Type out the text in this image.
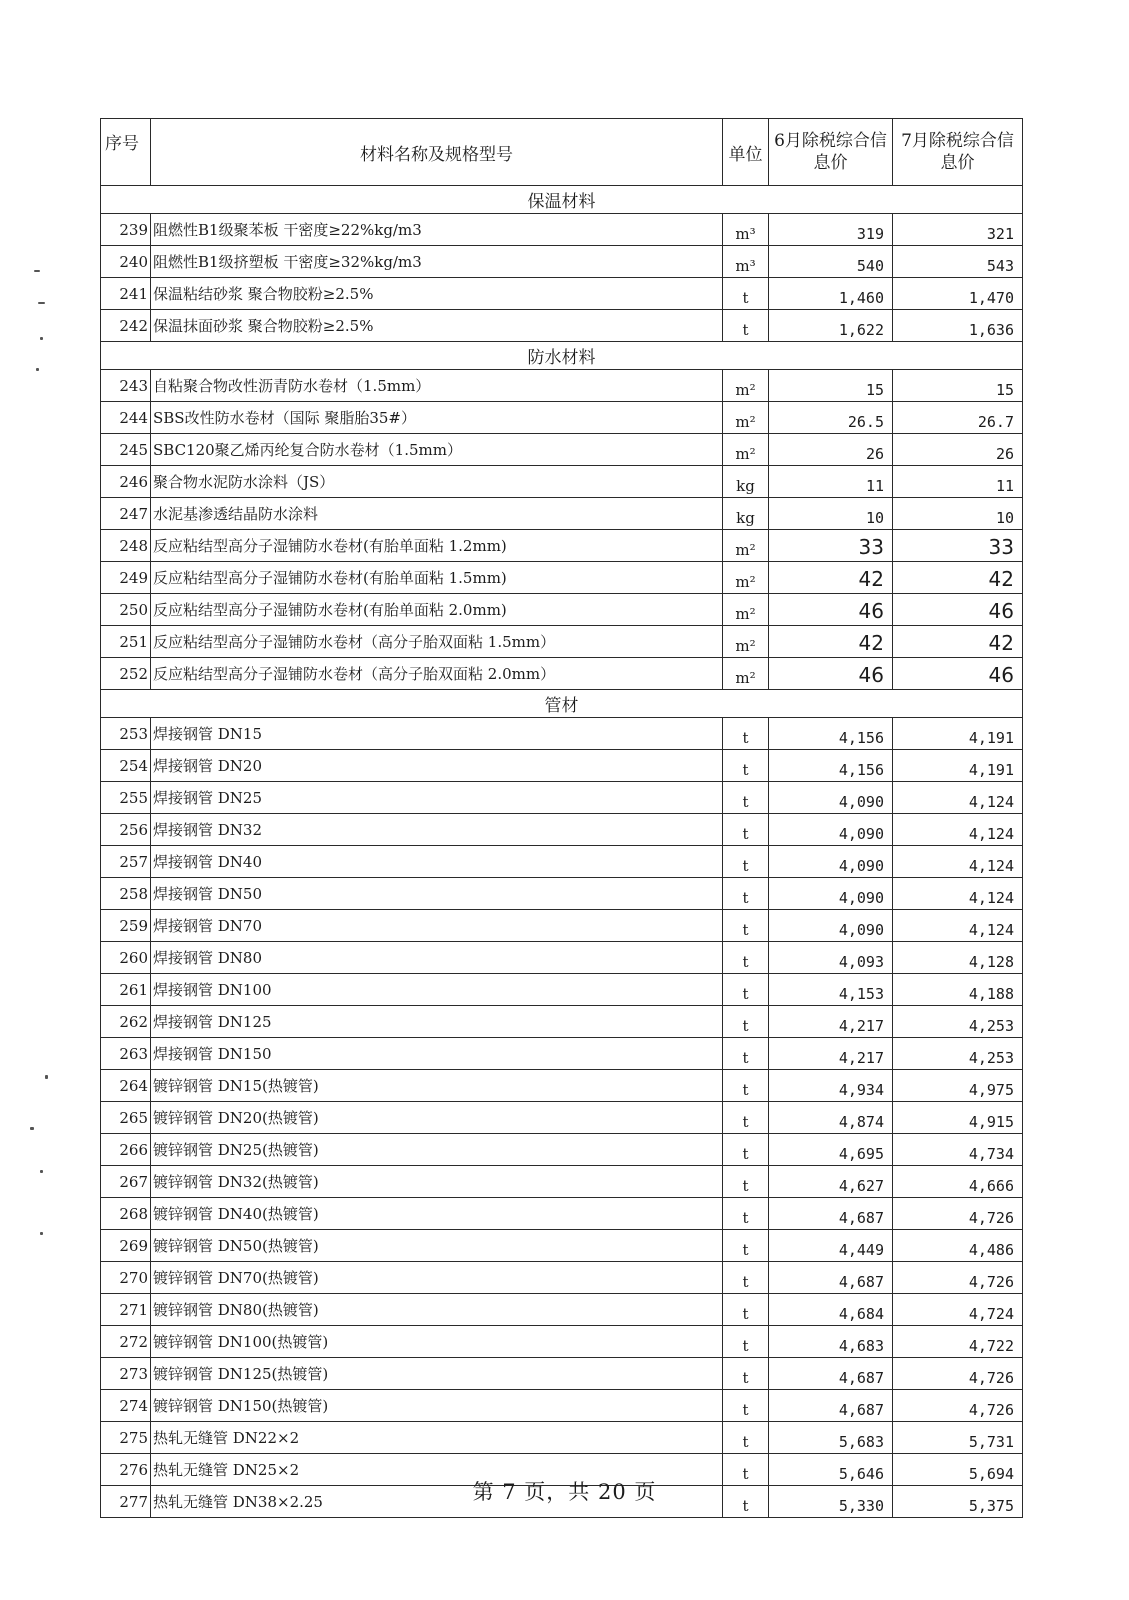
序号	材料名称及规格型号	单位	6月除税综合信息价	7月除税综合信息价
保温材料				
239	阻燃性B1级聚苯板 干密度≥22%kg/m3	m³	319	321
240	阻燃性B1级挤塑板 干密度≥32%kg/m3	m³	540	543
241	保温粘结砂浆 聚合物胶粉≥2.5%	t	1,460	1,470
242	保温抹面砂浆 聚合物胶粉≥2.5%	t	1,622	1,636
防水材料				
243	自粘聚合物改性沥青防水卷材（1.5mm）	m²	15	15
244	SBS改性防水卷材（国际 聚脂胎35#）	m²	26.5	26.7
245	SBC120聚乙烯丙纶复合防水卷材（1.5mm）	m²	26	26
246	聚合物水泥防水涂料（JS）	kg	11	11
247	水泥基渗透结晶防水涂料	kg	10	10
248	反应粘结型高分子湿铺防水卷材(有胎单面粘 1.2mm)	m²	33	33
249	反应粘结型高分子湿铺防水卷材(有胎单面粘 1.5mm)	m²	42	42
250	反应粘结型高分子湿铺防水卷材(有胎单面粘 2.0mm)	m²	46	46
251	反应粘结型高分子湿铺防水卷材（高分子胎双面粘 1.5mm）	m²	42	42
252	反应粘结型高分子湿铺防水卷材（高分子胎双面粘 2.0mm）	m²	46	46
管材				
253	焊接钢管 DN15	t	4,156	4,191
254	焊接钢管 DN20	t	4,156	4,191
255	焊接钢管 DN25	t	4,090	4,124
256	焊接钢管 DN32	t	4,090	4,124
257	焊接钢管 DN40	t	4,090	4,124
258	焊接钢管 DN50	t	4,090	4,124
259	焊接钢管 DN70	t	4,090	4,124
260	焊接钢管 DN80	t	4,093	4,128
261	焊接钢管 DN100	t	4,153	4,188
262	焊接钢管 DN125	t	4,217	4,253
263	焊接钢管 DN150	t	4,217	4,253
264	镀锌钢管 DN15(热镀管)	t	4,934	4,975
265	镀锌钢管 DN20(热镀管)	t	4,874	4,915
266	镀锌钢管 DN25(热镀管)	t	4,695	4,734
267	镀锌钢管 DN32(热镀管)	t	4,627	4,666
268	镀锌钢管 DN40(热镀管)	t	4,687	4,726
269	镀锌钢管 DN50(热镀管)	t	4,449	4,486
270	镀锌钢管 DN70(热镀管)	t	4,687	4,726
271	镀锌钢管 DN80(热镀管)	t	4,684	4,724
272	镀锌钢管 DN100(热镀管)	t	4,683	4,722
273	镀锌钢管 DN125(热镀管)	t	4,687	4,726
274	镀锌钢管 DN150(热镀管)	t	4,687	4,726
275	热轧无缝管 DN22×2	t	5,683	5,731
276	热轧无缝管 DN25×2	t	5,646	5,694
277	热轧无缝管 DN38×2.25	t	5,330	5,375
第 7 页，共 20 页
